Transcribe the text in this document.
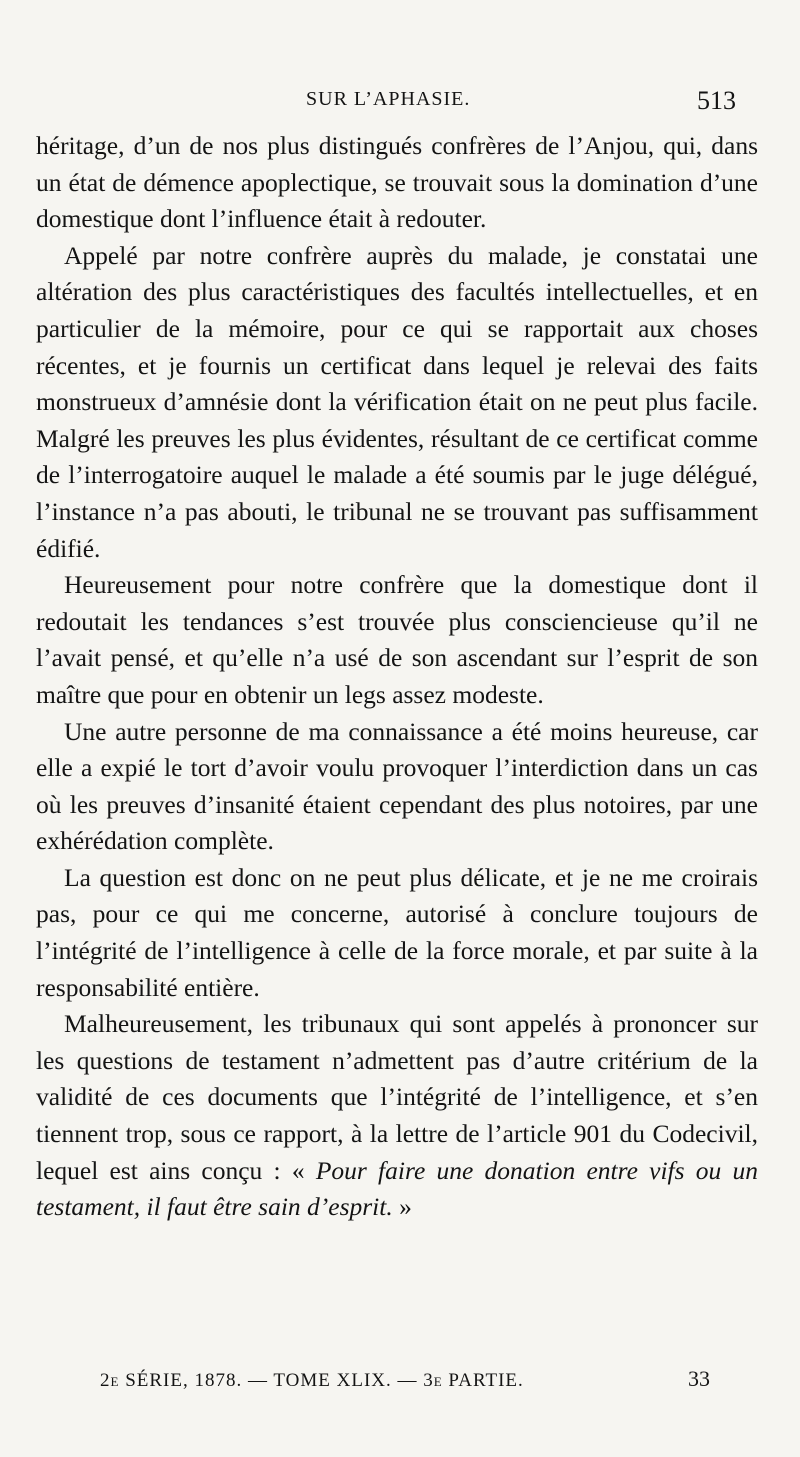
SUR L’APHASIE.	513

héritage, d’un de nos plus distingués confrères de l’Anjou, qui, dans un état de démence apoplectique, se trouvait sous la domination d’une domestique dont l’influence était à redouter.

Appelé par notre confrère auprès du malade, je constatai une altération des plus caractéristiques des facultés intellectuelles, et en particulier de la mémoire, pour ce qui se rapportait aux choses récentes, et je fournis un certificat dans lequel je relevai des faits monstrueux d’amnésie dont la vérification était on ne peut plus facile. Malgré les preuves les plus évidentes, résultant de ce certificat comme de l’interrogatoire auquel le malade a été soumis par le juge délégué, l’instance n’a pas abouti, le tribunal ne se trouvant pas suffisamment édifié.

Heureusement pour notre confrère que la domestique dont il redoutait les tendances s’est trouvée plus consciencieuse qu’il ne l’avait pensé, et qu’elle n’a usé de son ascendant sur l’esprit de son maître que pour en obtenir un legs assez modeste.

Une autre personne de ma connaissance a été moins heureuse, car elle a expié le tort d’avoir voulu provoquer l’interdiction dans un cas où les preuves d’insanité étaient cependant des plus notoires, par une exhérédation complète.

La question est donc on ne peut plus délicate, et je ne me croirais pas, pour ce qui me concerne, autorisé à conclure toujours de l’intégrité de l’intelligence à celle de la force morale, et par suite à la responsabilité entière.

Malheureusement, les tribunaux qui sont appelés à prononcer sur les questions de testament n’admettent pas d’autre critérium de la validité de ces documents que l’intégrité de l’intelligence, et s’en tiennent trop, sous ce rapport, à la lettre de l’article 901 du Codecivil, lequel est ains conçu : « Pour faire une donation entre vifs ou un testament, il faut être sain d’esprit. »

2e SÉRIE, 1878. — TOME XLIX. — 3e PARTIE.	33
